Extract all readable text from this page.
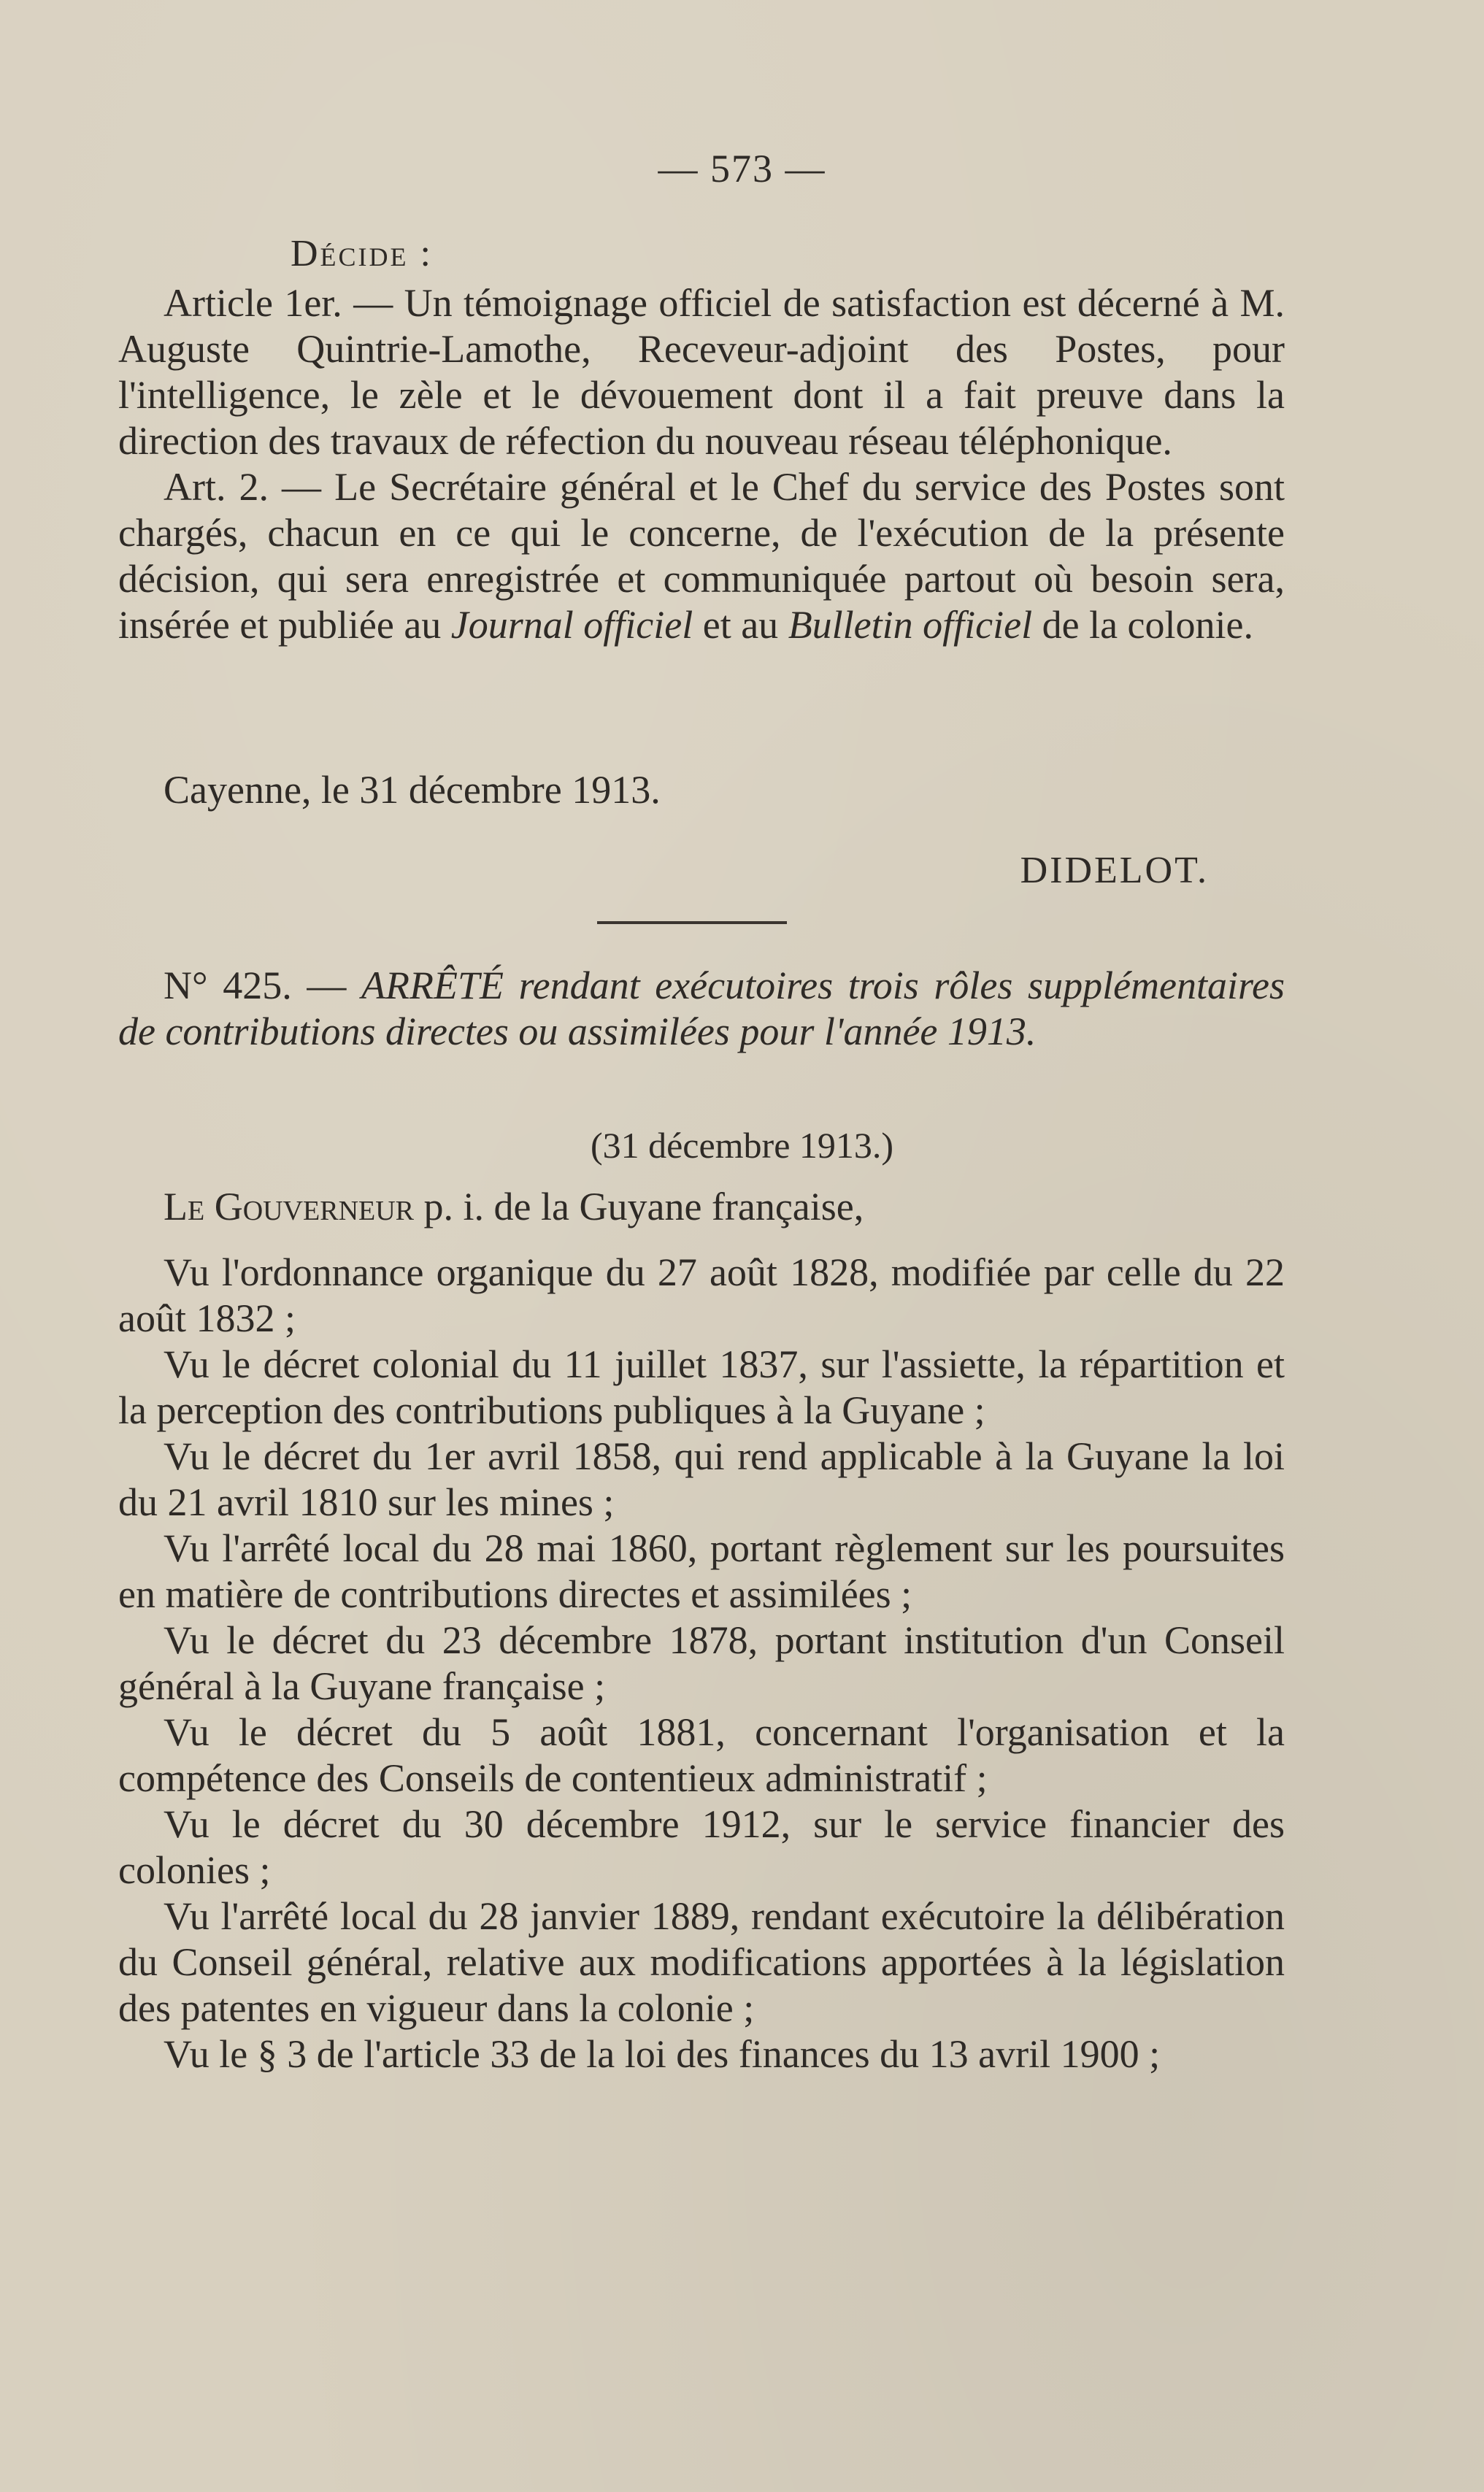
— 573 —
Décide :

Article 1er. — Un témoignage officiel de satisfaction est décerné à M. Auguste Quintrie-Lamothe, Receveur-adjoint des Postes, pour l'intelligence, le zèle et le dévouement dont il a fait preuve dans la direction des travaux de réfection du nouveau réseau téléphonique.

Art. 2. — Le Secrétaire général et le Chef du service des Postes sont chargés, chacun en ce qui le concerne, de l'exécution de la présente décision, qui sera enregistrée et communiquée partout où besoin sera, insérée et publiée au Journal officiel et au Bulletin officiel de la colonie.

Cayenne, le 31 décembre 1913.
DIDELOT.

N° 425. — ARRÊTÉ rendant exécutoires trois rôles supplémentaires de contributions directes ou assimilées pour l'année 1913.

(31 décembre 1913.)
Le Gouverneur p. i. de la Guyane française,

Vu l'ordonnance organique du 27 août 1828, modifiée par celle du 22 août 1832 ;

Vu le décret colonial du 11 juillet 1837, sur l'assiette, la répartition et la perception des contributions publiques à la Guyane ;

Vu le décret du 1er avril 1858, qui rend applicable à la Guyane la loi du 21 avril 1810 sur les mines ;

Vu l'arrêté local du 28 mai 1860, portant règlement sur les poursuites en matière de contributions directes et assimilées ;

Vu le décret du 23 décembre 1878, portant institution d'un Conseil général à la Guyane française ;

Vu le décret du 5 août 1881, concernant l'organisation et la compétence des Conseils de contentieux administratif ;

Vu le décret du 30 décembre 1912, sur le service financier des colonies ;

Vu l'arrêté local du 28 janvier 1889, rendant exécutoire la délibération du Conseil général, relative aux modifications apportées à la législation des patentes en vigueur dans la colonie ;

Vu le § 3 de l'article 33 de la loi des finances du 13 avril 1900 ;
